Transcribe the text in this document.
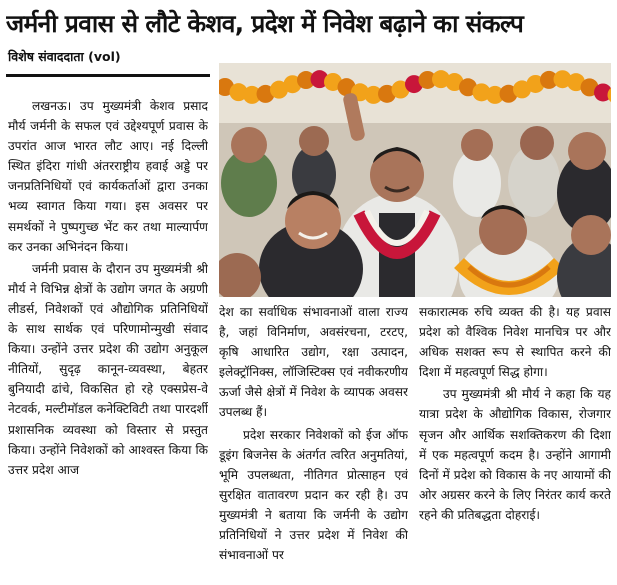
जर्मनी प्रवास से लौटे केशव, प्रदेश में निवेश बढ़ाने का संकल्प
विशेष संवाददाता (vol)

लखनऊ। उप मुख्यमंत्री केशव प्रसाद मौर्य जर्मनी के सफल एवं उद्देश्यपूर्ण प्रवास के उपरांत आज भारत लौट आए। नई दिल्ली स्थित इंदिरा गांधी अंतरराष्ट्रीय हवाई अड्डे पर जनप्रतिनिधियों एवं कार्यकर्ताओं द्वारा उनका भव्य स्वागत किया गया। इस अवसर पर समर्थकों ने पुष्पगुच्छ भेंट कर तथा माल्यार्पण कर उनका अभिनंदन किया।

जर्मनी प्रवास के दौरान उप मुख्यमंत्री श्री मौर्य ने विभिन्न क्षेत्रों के उद्योग जगत के अग्रणी लीडर्स, निवेशकों एवं औद्योगिक प्रतिनिधियों के साथ सार्थक एवं परिणामोन्मुखी संवाद किया। उन्होंने उत्तर प्रदेश की उद्योग अनुकूल नीतियों, सुदृढ़ कानून-व्यवस्था, बेहतर बुनियादी ढांचे, विकसित हो रहे एक्सप्रेस-वे नेटवर्क, मल्टीमॉडल कनेक्टिविटी तथा पारदर्शी प्रशासनिक व्यवस्था को विस्तार से प्रस्तुत किया। उन्होंने निवेशकों को आश्वस्त किया कि उत्तर प्रदेश आज

देश का सर्वाधिक संभावनाओं वाला राज्य है, जहां विनिर्माण, अवसंरचना, टरटए, कृषि आधारित उद्योग, रक्षा उत्पादन, इलेक्ट्रॉनिक्स, लॉजिस्टिक्स एवं नवीकरणीय ऊर्जा जैसे क्षेत्रों में निवेश के व्यापक अवसर उपलब्ध हैं।

प्रदेश सरकार निवेशकों को ईज ऑफ डूइंग बिजनेस के अंतर्गत त्वरित अनुमतियां, भूमि उपलब्धता, नीतिगत प्रोत्साहन एवं सुरक्षित वातावरण प्रदान कर रही है। उप मुख्यमंत्री ने बताया कि जर्मनी के उद्योग प्रतिनिधियों ने उत्तर प्रदेश में निवेश की संभावनाओं पर

सकारात्मक रुचि व्यक्त की है। यह प्रवास प्रदेश को वैश्विक निवेश मानचित्र पर और अधिक सशक्त रूप से स्थापित करने की दिशा में महत्वपूर्ण सिद्ध होगा।

उप मुख्यमंत्री श्री मौर्य ने कहा कि यह यात्रा प्रदेश के औद्योगिक विकास, रोजगार सृजन और आर्थिक सशक्तिकरण की दिशा में एक महत्वपूर्ण कदम है। उन्होंने आगामी दिनों में प्रदेश को विकास के नए आयामों की ओर अग्रसर करने के लिए निरंतर कार्य करते रहने की प्रतिबद्धता दोहराई।
